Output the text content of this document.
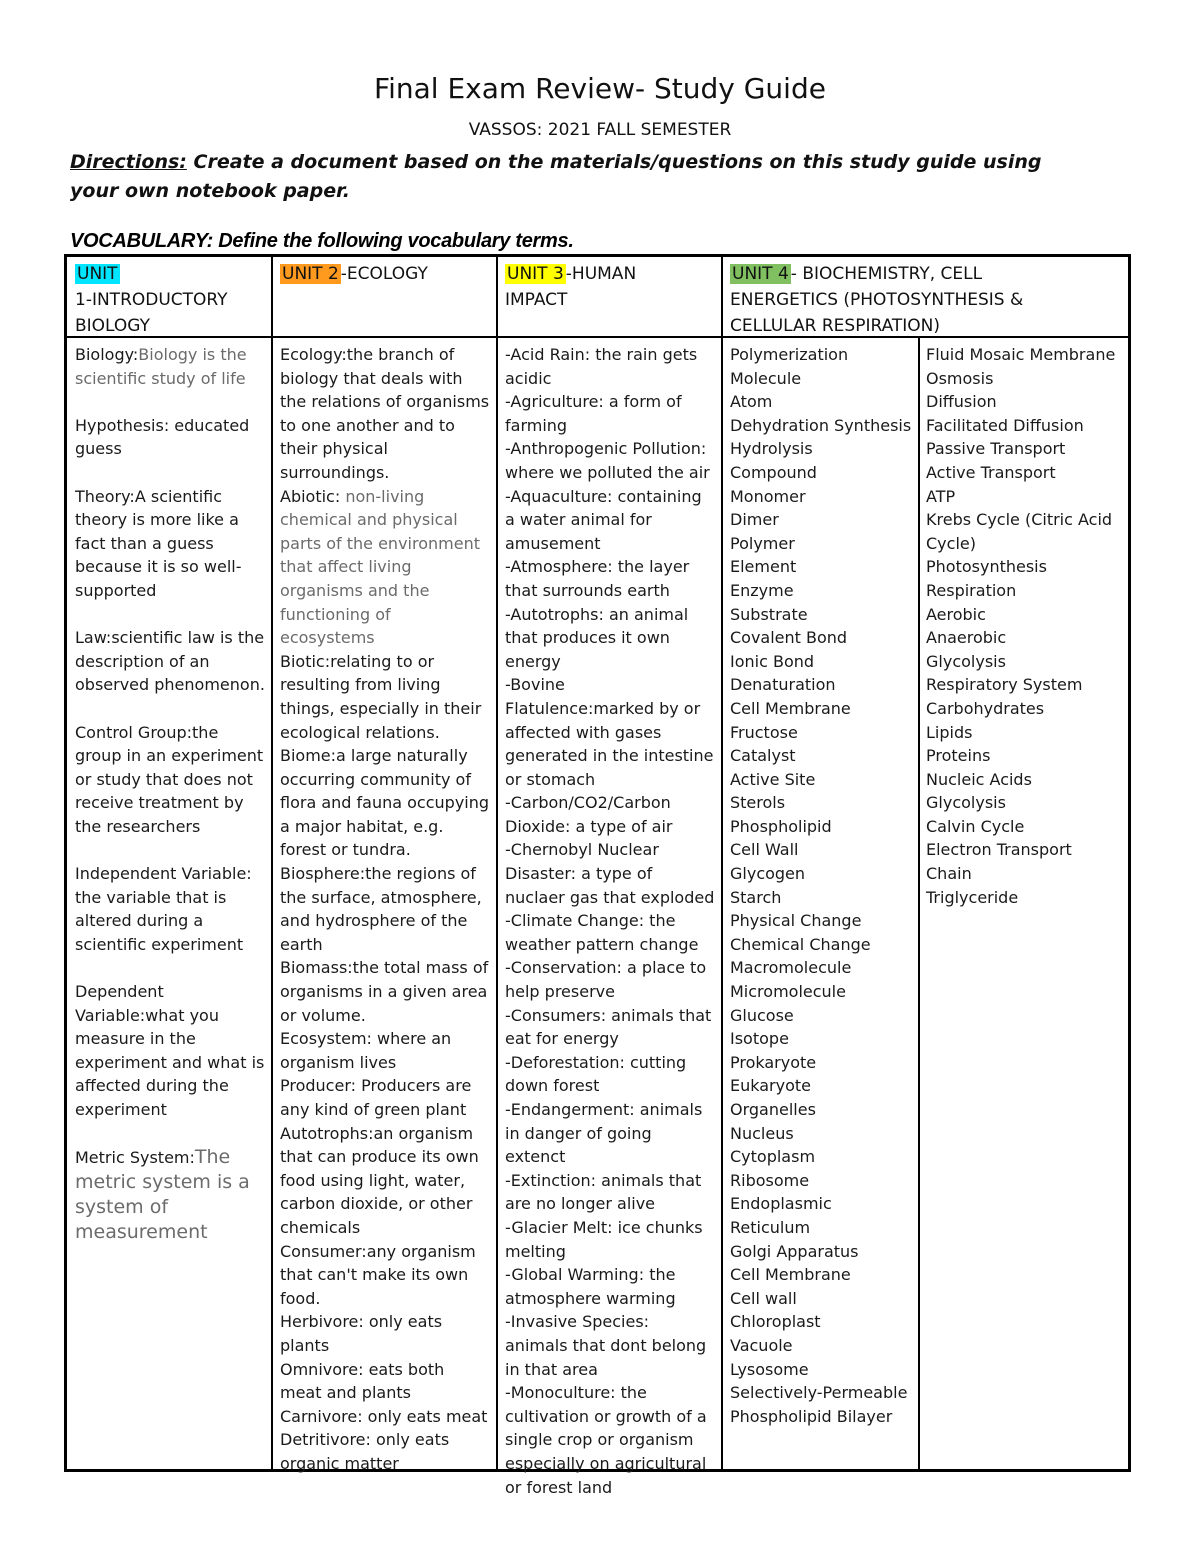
Final Exam Review- Study Guide
VASSOS: 2021 FALL SEMESTER
Directions: Create a document based on the materials/questions on this study guide using your own notebook paper.
VOCABULARY: Define the following vocabulary terms.
UNIT
1-INTRODUCTORY
BIOLOGY
UNIT 2 -ECOLOGY	UNIT 3 -HUMAN
IMPACT
UNIT 4 - BIOCHEMISTRY, CELL
ENERGETICS (PHOTOSYNTHESIS &
CELLULAR RESPIRATION)
Biology:Biology is the scientific study of life
Hypothesis: educated guess
Theory:A scientific theory is more like a fact than a guess because it is so well-supported
Law:scientific law is the description of an observed phenomenon.
Control Group:the group in an experiment or study that does not receive treatment by the researchers
Independent Variable: the variable that is altered during a scientific experiment
Dependent Variable:what you measure in the experiment and what is affected during the experiment
Metric System:The metric system is a system of measurement
Ecology:the branch of biology that deals with the relations of organisms to one another and to their physical surroundings.
Abiotic: non-living chemical and physical parts of the environment that affect living organisms and the functioning of ecosystems
Biotic:relating to or resulting from living things, especially in their ecological relations.
Biome:a large naturally occurring community of flora and fauna occupying a major habitat, e.g. forest or tundra.
Biosphere:the regions of the surface, atmosphere, and hydrosphere of the earth
Biomass:the total mass of organisms in a given area or volume.
Ecosystem: where an organism lives
Producer: Producers are any kind of green plant
Autotrophs:an organism that can produce its own food using light, water, carbon dioxide, or other chemicals
Consumer:any organism that can't make its own food.
Herbivore: only eats plants
Omnivore: eats both meat and plants
Carnivore: only eats meat
Detritivore: only eats organic matter
-Acid Rain: the rain gets acidic
-Agriculture: a form of farming
-Anthropogenic Pollution: where we polluted the air
-Aquaculture: containing a water animal for amusement
-Atmosphere: the layer that surrounds earth
-Autotrophs: an animal that produces it own energy
-Bovine Flatulence:marked by or affected with gases generated in the intestine or stomach
-Carbon/CO2/Carbon Dioxide: a type of air
-Chernobyl Nuclear Disaster: a type of nuclaer gas that exploded
-Climate Change: the weather pattern change
-Conservation: a place to help preserve
-Consumers: animals that eat for energy
-Deforestation: cutting down forest
-Endangerment: animals in danger of going extenct
-Extinction: animals that are no longer alive
-Glacier Melt: ice chunks melting
-Global Warming: the atmosphere warming
-Invasive Species: animals that dont belong in that area
-Monoculture: the cultivation or growth of a single crop or organism especially on agricultural or forest land
Polymerization
Molecule
Atom
Dehydration Synthesis
Hydrolysis
Compound
Monomer
Dimer
Polymer
Element
Enzyme
Substrate
Covalent Bond
Ionic Bond
Denaturation
Cell Membrane
Fructose
Catalyst
Active Site
Sterols
Phospholipid
Cell Wall
Glycogen
Starch
Physical Change
Chemical Change
Macromolecule
Micromolecule
Glucose
Isotope
Prokaryote
Eukaryote
Organelles
Nucleus
Cytoplasm
Ribosome
Endoplasmic
Reticulum
Golgi Apparatus
Cell Membrane
Cell wall
Chloroplast
Vacuole
Lysosome
Selectively-Permeable
Phospholipid Bilayer
Fluid Mosaic Membrane
Osmosis
Diffusion
Facilitated Diffusion
Passive Transport
Active Transport
ATP
Krebs Cycle (Citric Acid
Cycle)
Photosynthesis
Respiration
Aerobic
Anaerobic
Glycolysis
Respiratory System
Carbohydrates
Lipids
Proteins
Nucleic Acids
Glycolysis
Calvin Cycle
Electron Transport
Chain
Triglyceride
